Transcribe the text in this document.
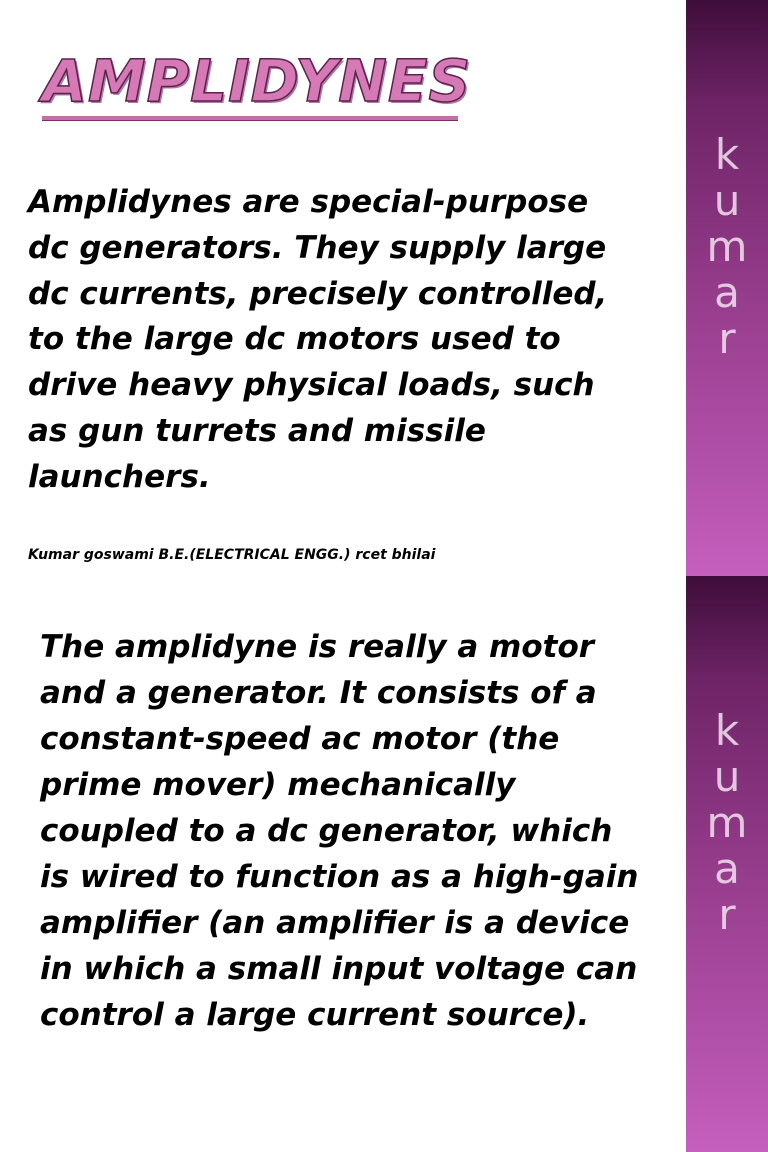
AMPLIDYNES

Amplidynes are special-purpose
dc generators. They supply large
dc currents, precisely controlled,
to the large dc motors used to
drive heavy physical loads, such
as gun turrets and missile
launchers.

Kumar goswami B.E.(ELECTRICAL ENGG.) rcet bhilai

k
u
m
a
r

The amplidyne is really a motor
and a generator. It consists of a
constant-speed ac motor (the
prime mover) mechanically
coupled to a dc generator, which
is wired to function as a high-gain
amplifier (an amplifier is a device
in which a small input voltage can
control a large current source).

k
u
m
a
r
